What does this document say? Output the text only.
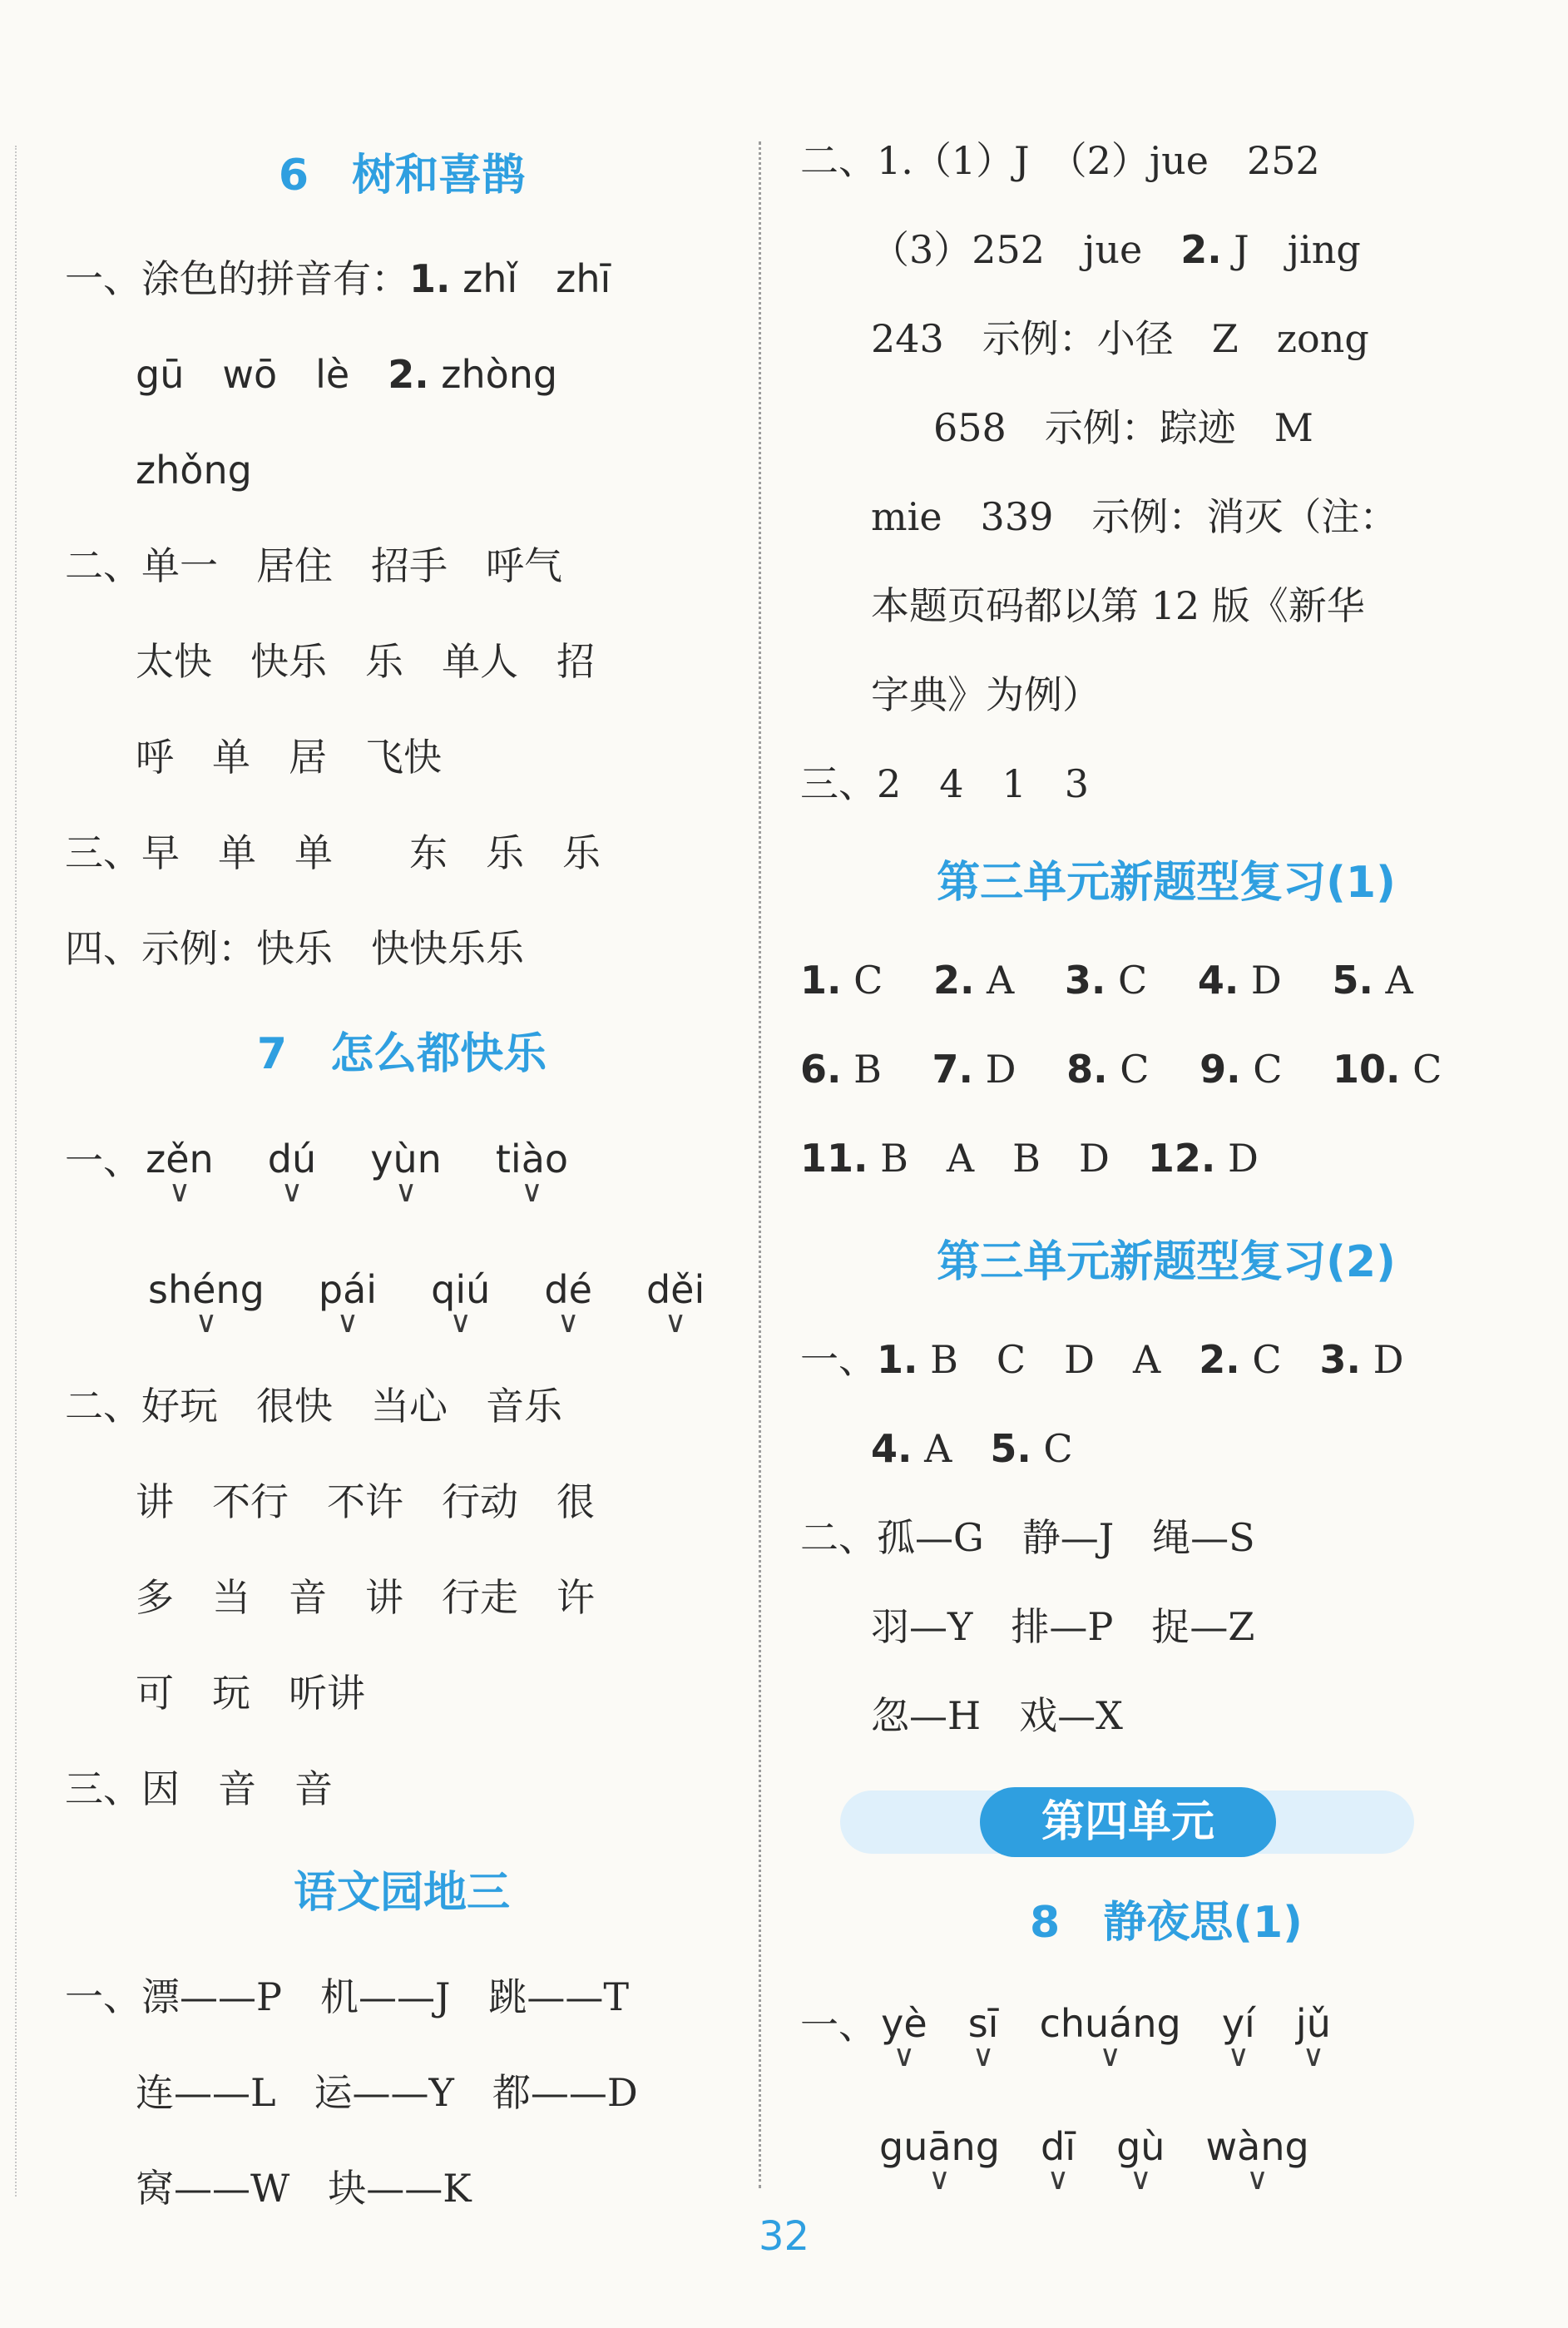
6　树和喜鹊
一、涂色的拼音有：1. zhǐ　zhī
gū　wō　lè　2. zhòng
zhǒng
二、单一　居住　招手　呼气
太快　快乐　乐　单人　招
呼　单　居　飞快
三、早　单　单　　东　乐　乐
四、示例：快乐　快快乐乐
7　怎么都快乐
一、 zěn
∨
dú
∨
yùn
∨
tiào
∨
shéng
∨
pái
∨
qiú
∨
dé
∨
děi
∨
二、好玩　很快　当心　音乐
讲　不行　不许　行动　很
多　当　音　讲　行走　许
可　玩　听讲
三、因　音　音
语文园地三
一、漂——P　机——J　跳——T
连——L　运——Y　都——D
窝——W　块——K
二、1.（1）J　（2）jue　252
（3）252　jue　2. J　jing
243　示例：小径　Z　zong
658　示例：踪迹　M
mie　339　示例：消灭（注：
本题页码都以第 12 版《新华
字典》为例）
三、2　4　1　3
第三单元新题型复习(1)
1. C 2. A 3. C 4. D 5. A
6. B 7. D 8. C 9. C 10. C
11. B　A　B　D　12. D
第三单元新题型复习(2)
一、1. B　C　D　A　2. C　3. D
4. A　5. C
二、孤—G　静—J　绳—S
羽—Y　排—P　捉—Z
忽—H　戏—X
8　静夜思(1)
一、 yè
∨
sī
∨
chuáng
∨
yí
∨
jǔ
∨
guāng
∨
dī
∨
gù
∨
wàng
∨
第四单元
32
